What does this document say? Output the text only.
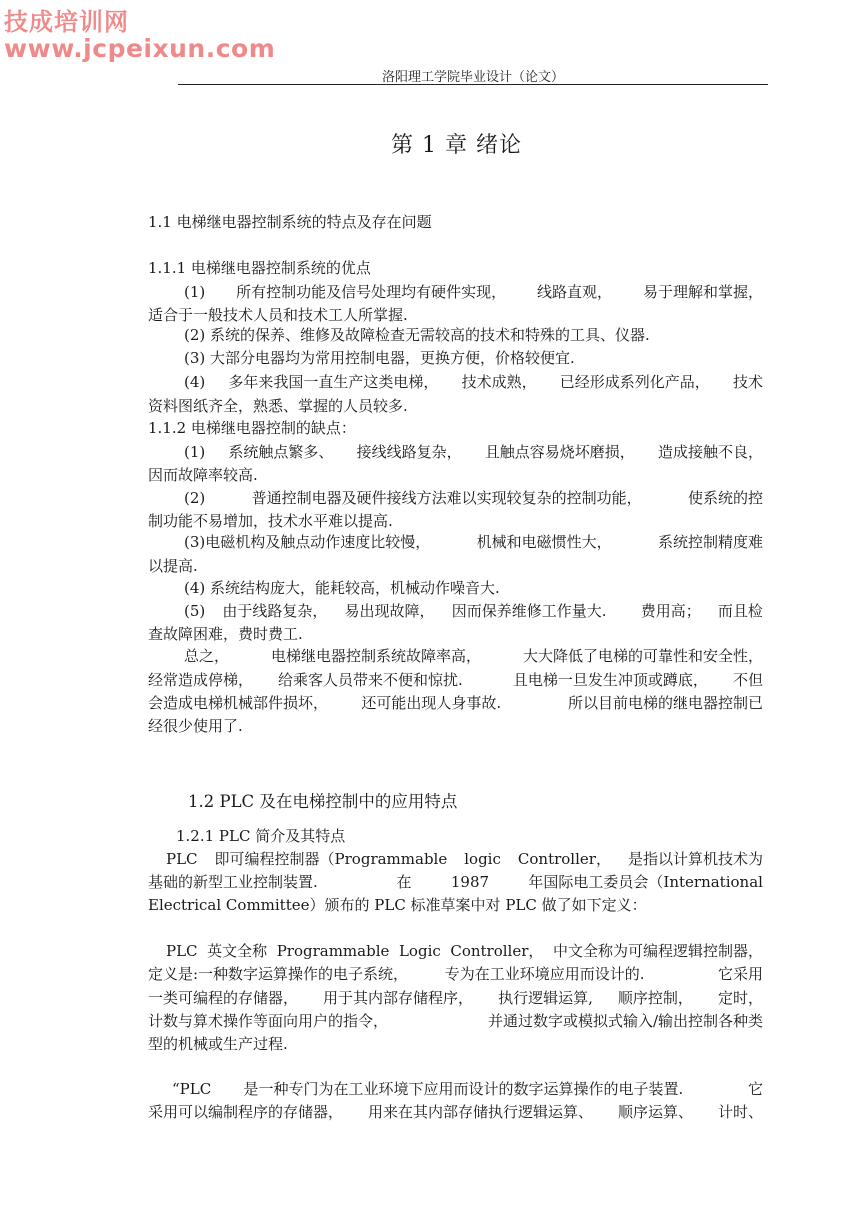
技成培训网
www.jcpeixun.com
洛阳理工学院毕业设计（论文）
第 1 章 绪论
1.1 电梯继电器控制系统的特点及存在问题
1.1.1 电梯继电器控制系统的优点
(1) 所有控制功能及信号处理均有硬件实现， 线路直观， 易于理解和掌握，
适合于一般技术人员和技术工人所掌握.
(2) 系统的保养、维修及故障检查无需较高的技术和特殊的工具、仪器.
(3) 大部分电器均为常用控制电器，更换方便，价格较便宜.
(4) 多年来我国一直生产这类电梯， 技术成熟， 已经形成系列化产品， 技术
资料图纸齐全，熟悉、掌握的人员较多.
1.1.2 电梯继电器控制的缺点：
(1) 系统触点繁多、 接线线路复杂， 且触点容易烧坏磨损， 造成接触不良，
因而故障率较高.
(2)	普通控制电器及硬件接线方法难以实现较复杂的控制功能，	使系统的控
制功能不易增加，技术水平难以提高.
(3)电磁机构及触点动作速度比较慢，	机械和电磁惯性大，	系统控制精度难
以提高.
(4) 系统结构庞大，能耗较高，机械动作噪音大.
(5) 由于线路复杂， 易出现故障， 因而保养维修工作量大. 费用高； 而且检
查故障困难，费时费工.
总之，	电梯继电器控制系统故障率高，	大大降低了电梯的可靠性和安全性，
经常造成停梯， 给乘客人员带来不便和惊扰.	且电梯一旦发生冲顶或蹲底， 不但
会造成电梯机械部件损坏， 还可能出现人身事故.	所以目前电梯的继电器控制已
经很少使用了.
1.2 PLC 及在电梯控制中的应用特点
1.2.1 PLC 简介及其特点
PLC 即可编程控制器（Programmable logic Controller， 是指以计算机技术为
基础的新型工业控制装置.	在	1987	年国际电工委员会（International
Electrical Committee）颁布的 PLC 标准草案中对 PLC 做了如下定义：
PLC 英文全称 Programmable Logic Controller， 中文全称为可编程逻辑控制器，
定义是:一种数字运算操作的电子系统， 专为在工业环境应用而设计的.	它采用
一类可编程的存储器， 用于其内部存储程序， 执行逻辑运算, 顺序控制， 定时，
计数与算术操作等面向用户的指令，	并通过数字或模拟式输入/输出控制各种类
型的机械或生产过程.
“PLC 是一种专门为在工业环境下应用而设计的数字运算操作的电子装置.	它
采用可以编制程序的存储器， 用来在其内部存储执行逻辑运算、 顺序运算、 计时、
